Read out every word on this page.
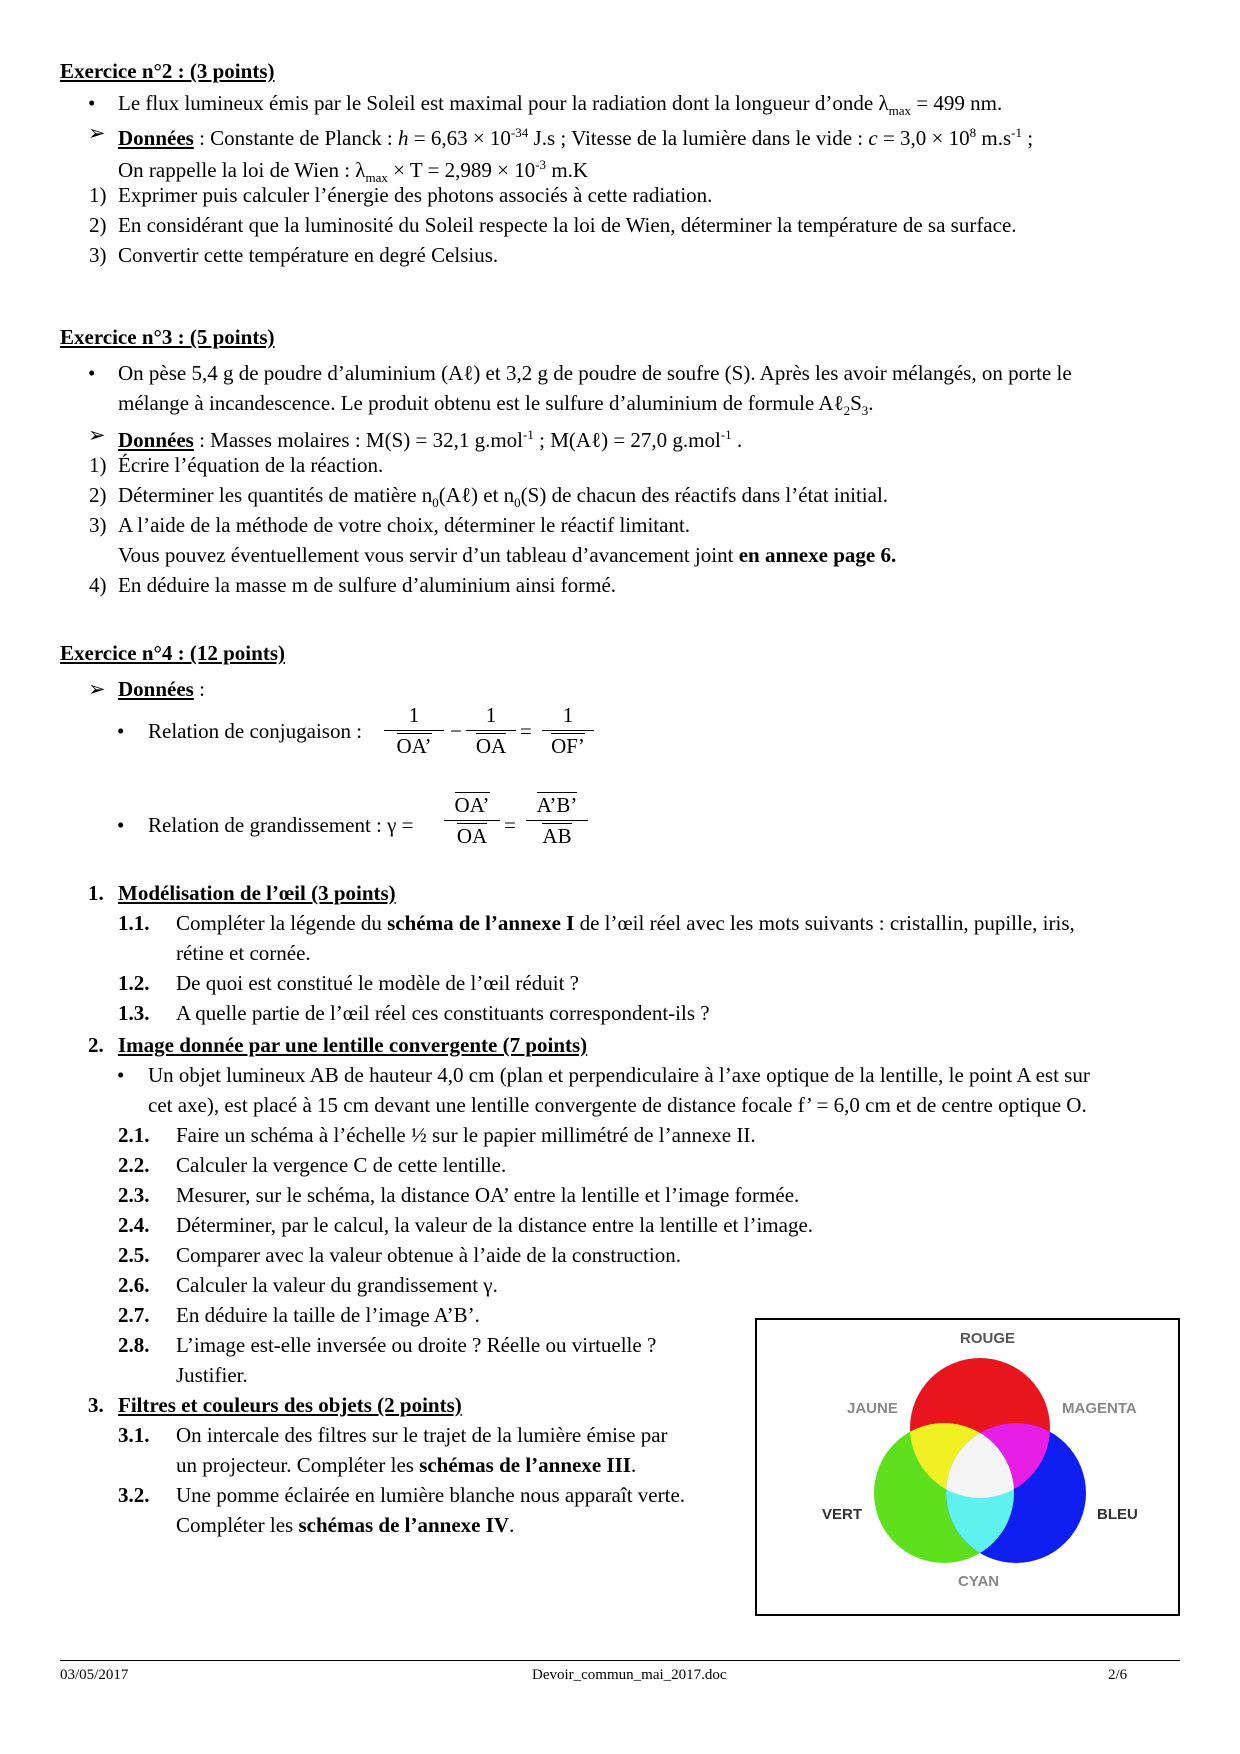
Exercice n°2 : (3 points)
• Le flux lumineux émis par le Soleil est maximal pour la radiation dont la longueur d’onde $\lambda_{max} = 499$ nm.
➢ Données : Constante de Planck : $h = 6,63 \times 10^{-34}$ J.s ; Vitesse de la lumière dans le vide : $c = 3,0 \times 10^8$ $m.s^{-1}$ ;
On rappelle la loi de Wien : $\lambda_{max} \times T = 2,989 \times 10^{-3}$ m.K
1) Exprimer puis calculer l’énergie des photons associés à cette radiation.
2) En considérant que la luminosité du Soleil respecte la loi de Wien, déterminer la température de sa surface.
3) Convertir cette température en degré Celsius.
Exercice n°3 : (5 points)
• On pèse 5,4 g de poudre d’aluminium (Aℓ) et 3,2 g de poudre de soufre (S). Après les avoir mélangés, on porte le
mélange à incandescence. Le produit obtenu est le sulfure d’aluminium de formule $A\ell_2S_3$.
➢ Données : Masses molaires : M(S) = 32,1 g.mol$^{-1}$ ; M(Aℓ) = 27,0 g.mol$^{-1}$ .
1) Écrire l’équation de la réaction.
2) Déterminer les quantités de matière $n_0(A\ell)$ et $n_0(S)$ de chacun des réactifs dans l’état initial.
3) A l’aide de la méthode de votre choix, déterminer le réactif limitant.
Vous pouvez éventuellement vous servir d’un tableau d’avancement joint en annexe page 6.
4) En déduire la masse m de sulfure d’aluminium ainsi formé.
Exercice n°4 : (12 points)
➢ Données :
• Relation de conjugaison :
1
OA’
−
1
OA
=
1
OF’
• Relation de grandissement : γ =
OA’
OA =
A’B’
AB
1. Modélisation de l’œil (3 points)
1.1. Compléter la légende du schéma de l’annexe I de l’œil réel avec les mots suivants : cristallin, pupille, iris,
rétine et cornée.
1.2. De quoi est constitué le modèle de l’œil réduit ?
1.3. A quelle partie de l’œil réel ces constituants correspondent-ils ?
2. Image donnée par une lentille convergente (7 points)
• Un objet lumineux AB de hauteur 4,0 cm (plan et perpendiculaire à l’axe optique de la lentille, le point A est sur
cet axe), est placé à 15 cm devant une lentille convergente de distance focale f’ = 6,0 cm et de centre optique O.
2.1. Faire un schéma à l’échelle ½ sur le papier millimétré de l’annexe II.
2.2. Calculer la vergence C de cette lentille.
2.3. Mesurer, sur le schéma, la distance OA’ entre la lentille et l’image formée.
2.4. Déterminer, par le calcul, la valeur de la distance entre la lentille et l’image.
2.5. Comparer avec la valeur obtenue à l’aide de la construction.
2.6. Calculer la valeur du grandissement γ.
2.7. En déduire la taille de l’image A’B’.
2.8. L’image est-elle inversée ou droite ? Réelle ou virtuelle ?
Justifier.
3. Filtres et couleurs des objets (2 points)
3.1. On intercale des filtres sur le trajet de la lumière émise par
un projecteur. Compléter les schémas de l’annexe III.
3.2. Une pomme éclairée en lumière blanche nous apparaît verte.
Compléter les schémas de l’annexe IV.
ROUGE
JAUNE	MAGENTA
VERT	BLEU
CYAN
03/05/2017	Devoir_commun_mai_2017.doc	2/6
